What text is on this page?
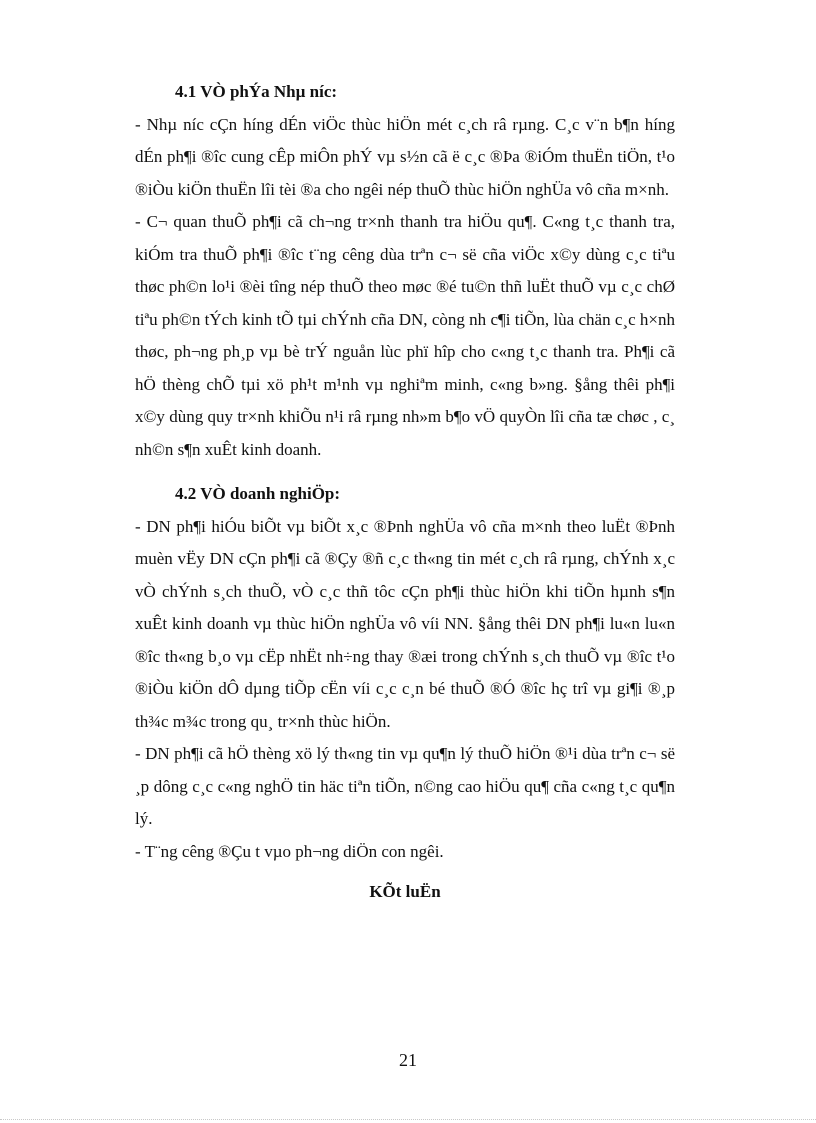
4.1 VÒ phÝa Nhµ níc:

- Nhµ níc cÇn híng dÉn viÖc thùc hiÖn mét c¸ch râ rµng. C¸c v¨n b¶n híng dÉn ph¶i ®îc cung cÊp miÔn phÝ vµ s½n cã ë c¸c ®Þa ®iÓm thuËn tiÖn, t¹o ®iÒu kiÖn thuËn lîi tèi ®a cho ngêi nép thuÕ thùc hiÖn nghÜa vô cña m×nh.

- C¬ quan thuÕ ph¶i cã ch¬ng tr×nh thanh tra hiÖu qu¶. C«ng t¸c thanh tra, kiÓm tra thuÕ ph¶i ®îc t¨ng cêng dùa trªn c¬ së cña viÖc x©y dùng c¸c tiªu thøc ph©n lo¹i ®èi tîng nép thuÕ theo møc ®é tu©n thñ luËt thuÕ vµ c¸c chØ tiªu ph©n tÝch kinh tÕ tµi chÝnh cña DN, còng nh c¶i tiÕn, lùa chän c¸c h×nh thøc, ph¬ng ph¸p vµ bè trÝ nguån lùc phï hîp cho c«ng t¸c thanh tra. Ph¶i cã hÖ thèng chÕ tµi xö ph¹t m¹nh vµ nghiªm minh, c«ng b»ng. §ång thêi ph¶i x©y dùng quy tr×nh khiÕu n¹i râ rµng nh»m b¶o vÖ quyÒn lîi cña tæ chøc , c¸ nh©n s¶n xuÊt kinh doanh.

4.2 VÒ doanh nghiÖp:

- DN ph¶i hiÓu biÕt vµ biÕt x¸c ®Þnh nghÜa vô cña m×nh theo luËt ®Þnh muèn vËy DN cÇn ph¶i cã ®Çy ®ñ c¸c th«ng tin mét c¸ch râ rµng, chÝnh x¸c vÒ chÝnh s¸ch thuÕ, vÒ c¸c thñ tôc cÇn ph¶i thùc hiÖn khi tiÕn hµnh s¶n xuÊt kinh doanh vµ thùc hiÖn nghÜa vô víi NN. §ång thêi DN ph¶i lu«n lu«n ®îc th«ng b¸o vµ cËp nhËt nh÷ng thay ®æi trong chÝnh s¸ch thuÕ vµ ®îc t¹o ®iÒu kiÖn dÔ dµng tiÕp cËn víi c¸c c¸n bé thuÕ ®Ó ®îc hç trî vµ gi¶i ®¸p th¾c m¾c trong qu¸ tr×nh thùc hiÖn.

- DN ph¶i cã hÖ thèng xö lý th«ng tin vµ qu¶n lý thuÕ hiÖn ®¹i dùa trªn c¬ së ¸p dông c¸c c«ng nghÖ tin häc tiªn tiÕn, n©ng cao hiÖu qu¶ cña c«ng t¸c qu¶n lý.

- T¨ng cêng ®Çu t vµo ph¬ng diÖn con ngêi.

KÕt luËn

21
